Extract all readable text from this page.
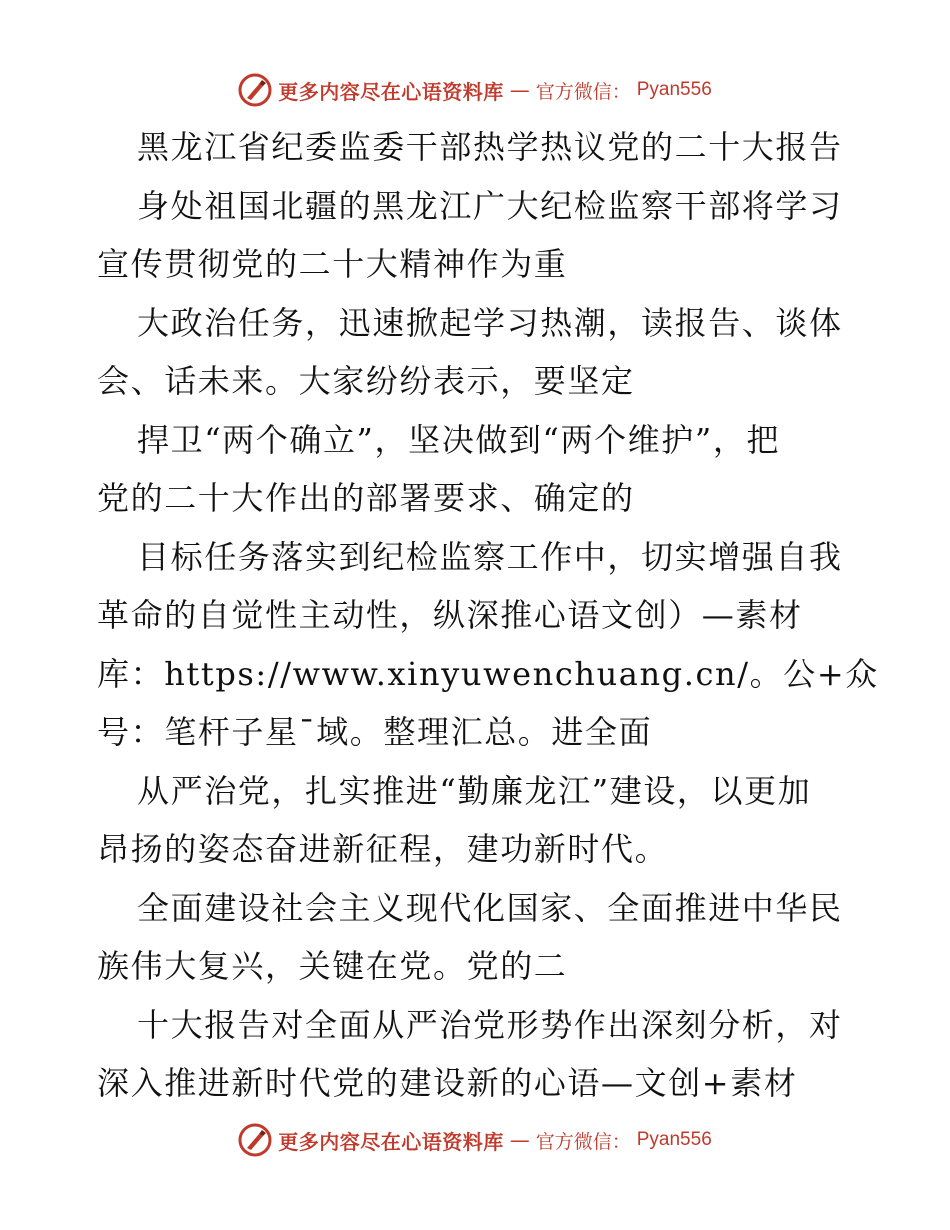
更多内容尽在心语资料库 — 官方微信： Pyan556
黑龙江省纪委监委干部热学热议党的二十大报告
身处祖国北疆的黑龙江广大纪检监察干部将学习
宣传贯彻党的二十大精神作为重
大政治任务，迅速掀起学习热潮，读报告、谈体
会、话未来。大家纷纷表示，要坚定
捍卫“两个确立”，坚决做到“两个维护”，把
党的二十大作出的部署要求、确定的
目标任务落实到纪检监察工作中，切实增强自我
革命的自觉性主动性，纵深推心语文创）—素材
库：https://www.xinyuwenchuang.cn/。公+众
号：笔杆子星¯域。整理汇总。进全面
从严治党，扎实推进“勤廉龙江”建设，以更加
昂扬的姿态奋进新征程，建功新时代。
全面建设社会主义现代化国家、全面推进中华民
族伟大复兴，关键在党。党的二
十大报告对全面从严治党形势作出深刻分析，对
深入推进新时代党的建设新的心语—文创+素材
更多内容尽在心语资料库 — 官方微信： Pyan556
